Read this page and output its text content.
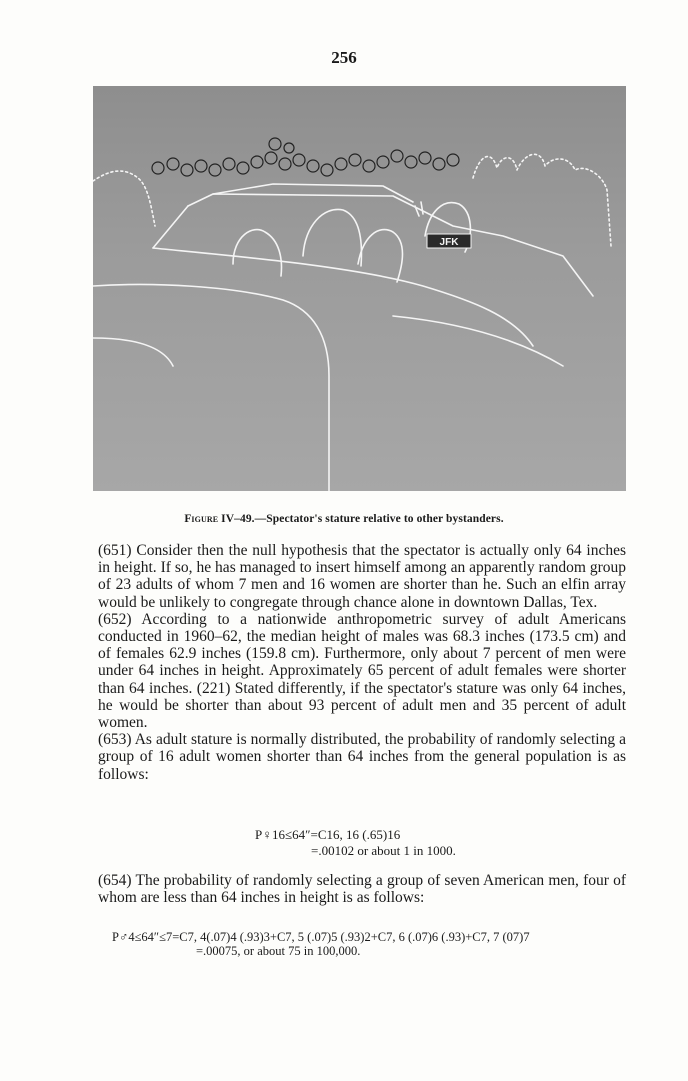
256
JFK
Figure IV–49.—Spectator's stature relative to other bystanders.

(651) Consider then the null hypothesis that the spectator is actually only 64 inches in height. If so, he has managed to insert himself among an apparently random group of 23 adults of whom 7 men and 16 women are shorter than he. Such an elfin array would be unlikely to congregate through chance alone in downtown Dallas, Tex.

(652) According to a nationwide anthropometric survey of adult Americans conducted in 1960–62, the median height of males was 68.3 inches (173.5 cm) and of females 62.9 inches (159.8 cm). Furthermore, only about 7 percent of men were under 64 inches in height. Approximately 65 percent of adult females were shorter than 64 inches. (221) Stated differently, if the spectator's stature was only 64 inches, he would be shorter than about 93 percent of adult men and 35 percent of adult women.

(653) As adult stature is normally distributed, the probability of randomly selecting a group of 16 adult women shorter than 64 inches from the general population is as follows:

P♀16≤64″=C16, 16 (.65)16
=.00102 or about 1 in 1000.

(654) The probability of randomly selecting a group of seven American men, four of whom are less than 64 inches in height is as follows:

P♂4≤64″≤7=C7, 4(.07)4 (.93)3+C7, 5 (.07)5 (.93)2+C7, 6 (.07)6 (.93)+C7, 7 (07)7
=.00075, or about 75 in 100,000.
